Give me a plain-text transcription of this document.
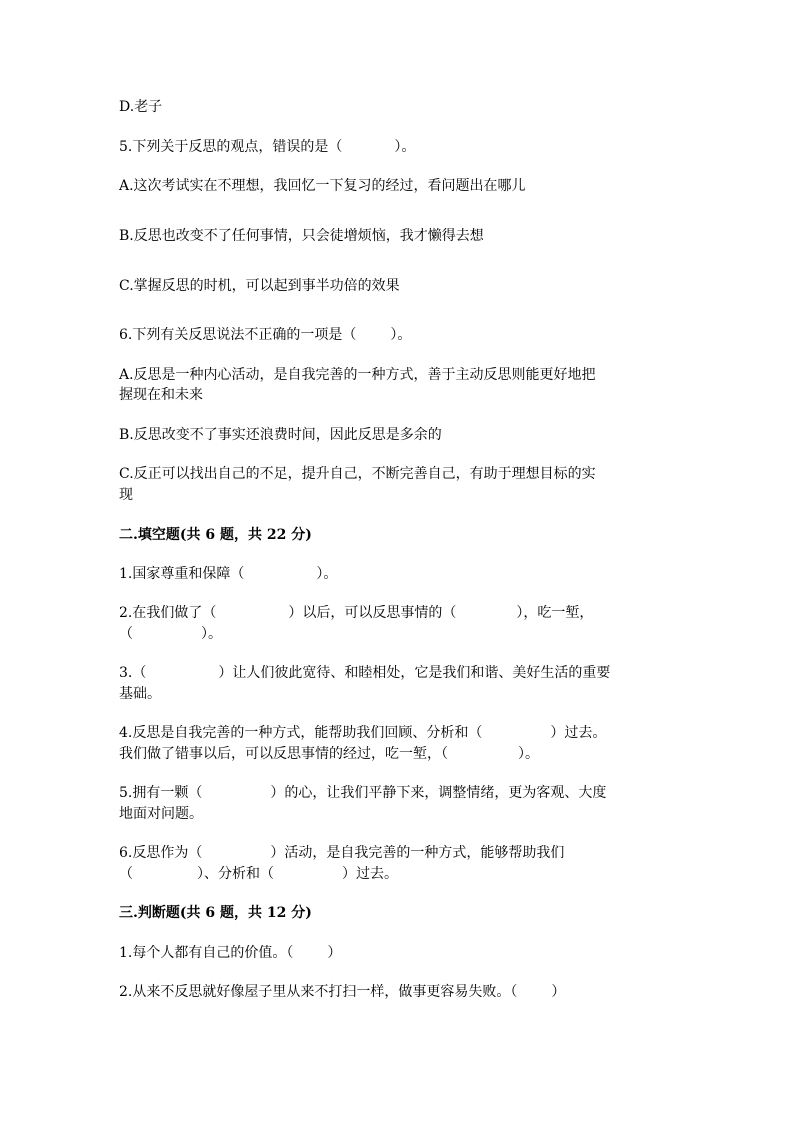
D.老子
5.下列关于反思的观点，错误的是（	）。
A.这次考试实在不理想，我回忆一下复习的经过，看问题出在哪儿
B.反思也改变不了任何事情，只会徒增烦恼，我才懒得去想
C.掌握反思的时机，可以起到事半功倍的效果
6.下列有关反思说法不正确的一项是（ ）。
A.反思是一种内心活动，是自我完善的一种方式，善于主动反思则能更好地把
握现在和未来
B.反思改变不了事实还浪费时间，因此反思是多余的
C.反正可以找出自己的不足，提升自己，不断完善自己，有助于理想目标的实
现
二.填空题(共 6 题，共 22 分)
1.国家尊重和保障（	）。
2.在我们做了（	）以后，可以反思事情的（	），吃一堑，
（	）。
3.（	）让人们彼此宽待、和睦相处，它是我们和谐、美好生活的重要
基础。
4.反思是自我完善的一种方式，能帮助我们回顾、分析和（	）过去。
我们做了错事以后，可以反思事情的经过，吃一堑，（	）。
5.拥有一颗（	）的心，让我们平静下来，调整情绪，更为客观、大度
地面对问题。
6.反思作为（	）活动，是自我完善的一种方式，能够帮助我们
（	）、分析和（	）过去。
三.判断题(共 6 题，共 12 分)
1.每个人都有自己的价值。（ ）
2.从来不反思就好像屋子里从来不打扫一样，做事更容易失败。（ ）
